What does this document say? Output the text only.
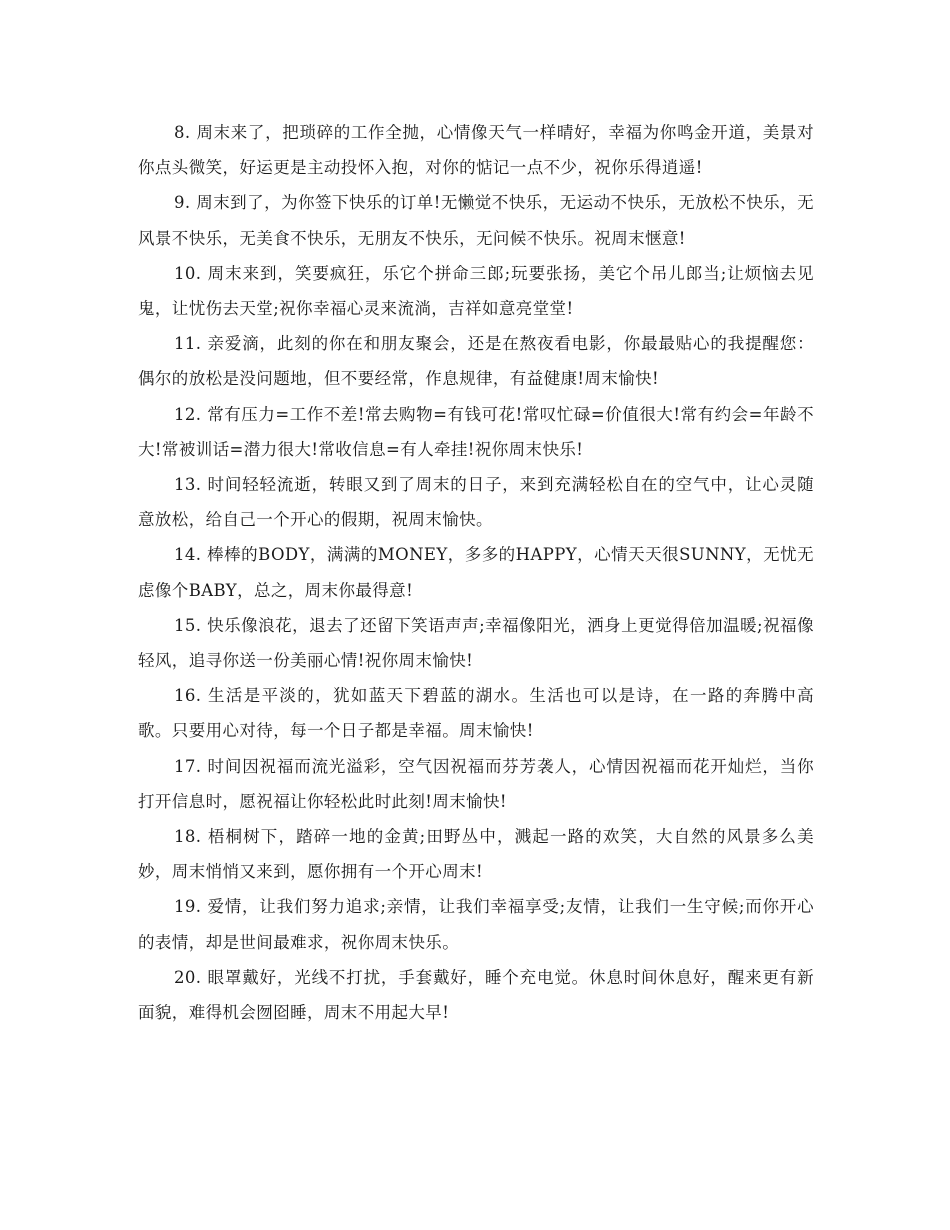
8. 周末来了，把琐碎的工作全抛，心情像天气一样晴好，幸福为你鸣金开道，美景对你点头微笑，好运更是主动投怀入抱，对你的惦记一点不少，祝你乐得逍遥!

9. 周末到了，为你签下快乐的订单!无懒觉不快乐，无运动不快乐，无放松不快乐，无风景不快乐，无美食不快乐，无朋友不快乐，无问候不快乐。祝周末惬意!

10. 周末来到，笑要疯狂，乐它个拼命三郎;玩要张扬，美它个吊儿郎当;让烦恼去见鬼，让忧伤去天堂;祝你幸福心灵来流淌，吉祥如意亮堂堂!

11. 亲爱滴，此刻的你在和朋友聚会，还是在熬夜看电影，你最最贴心的我提醒您：偶尔的放松是没问题地，但不要经常，作息规律，有益健康!周末愉快!

12. 常有压力=工作不差!常去购物=有钱可花!常叹忙碌=价值很大!常有约会=年龄不大!常被训话=潜力很大!常收信息=有人牵挂!祝你周末快乐!

13. 时间轻轻流逝，转眼又到了周末的日子，来到充满轻松自在的空气中，让心灵随意放松，给自己一个开心的假期，祝周末愉快。

14. 棒棒的BODY，满满的MONEY，多多的HAPPY，心情天天很SUNNY，无忧无虑像个BABY，总之，周末你最得意!

15. 快乐像浪花，退去了还留下笑语声声;幸福像阳光，洒身上更觉得倍加温暖;祝福像轻风，追寻你送一份美丽心情!祝你周末愉快!

16. 生活是平淡的，犹如蓝天下碧蓝的湖水。生活也可以是诗，在一路的奔腾中高歌。只要用心对待，每一个日子都是幸福。周末愉快!

17. 时间因祝福而流光溢彩，空气因祝福而芬芳袭人，心情因祝福而花开灿烂，当你打开信息时，愿祝福让你轻松此时此刻!周末愉快!

18. 梧桐树下，踏碎一地的金黄;田野丛中，溅起一路的欢笑，大自然的风景多么美妙，周末悄悄又来到，愿你拥有一个开心周末!

19. 爱情，让我们努力追求;亲情，让我们幸福享受;友情，让我们一生守候;而你开心的表情，却是世间最难求，祝你周末快乐。

20. 眼罩戴好，光线不打扰，手套戴好，睡个充电觉。休息时间休息好，醒来更有新面貌，难得机会囫囵睡，周末不用起大早!
